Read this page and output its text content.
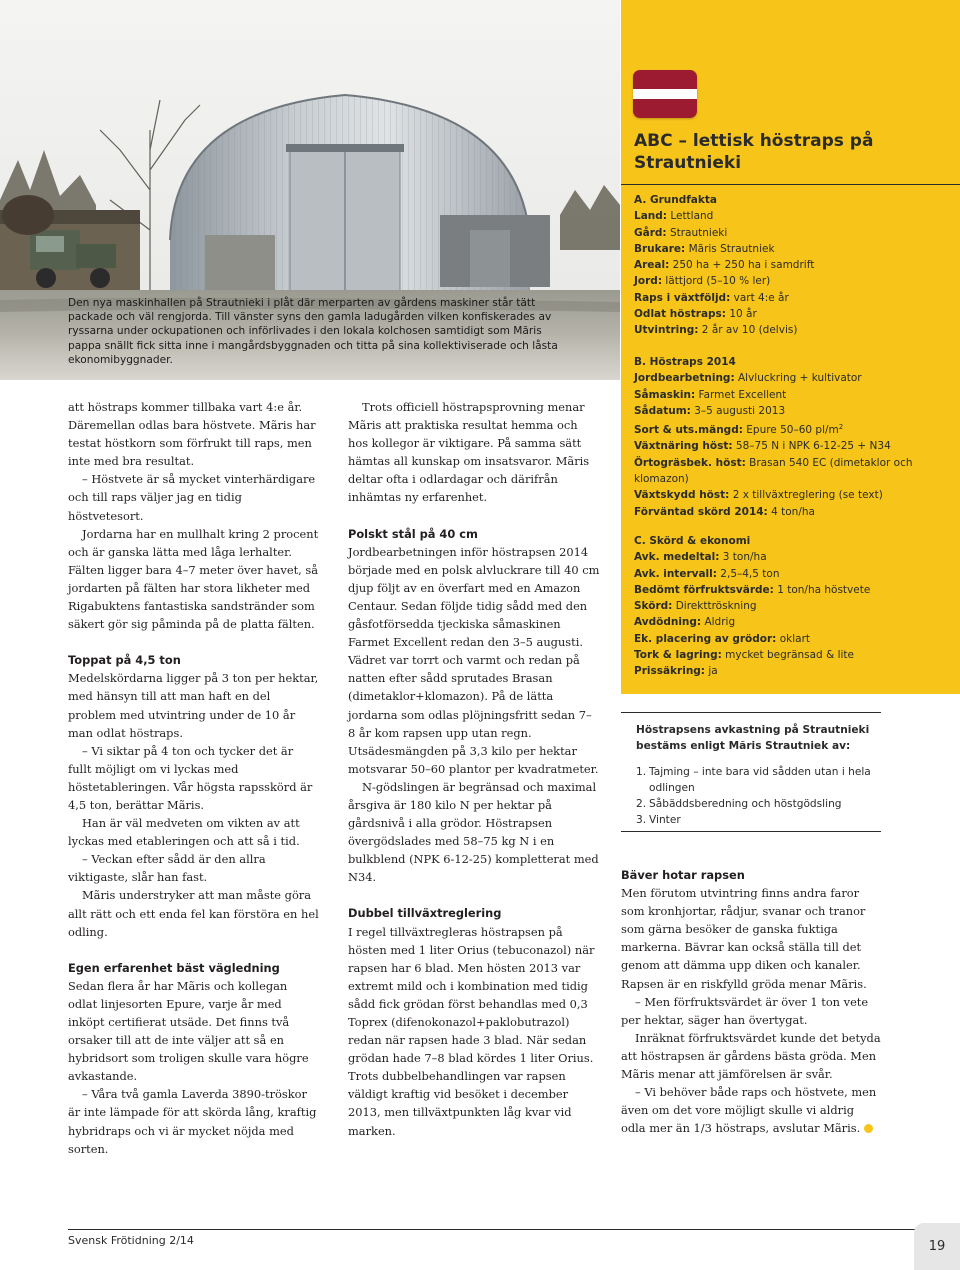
Den nya maskinhallen på Strautnieki i plåt där merparten av gårdens maskiner står tätt packade och väl rengjorda. Till vänster syns den gamla ladugården vilken konfiskerades av ryssarna under ockupationen och införlivades i den lokala kolchosen samtidigt som Mãris pappa snällt fick sitta inne i mangårdsbyggnaden och titta på sina kollektiviserade och låsta ekonomibyggnader.

att höstraps kommer tillbaka vart 4:e år. Däremellan odlas bara höstvete. Mãris har testat höstkorn som förfrukt till raps, men inte med bra resultat.

– Höstvete är så mycket vinterhärdigare och till raps väljer jag en tidig höstvetesort.

Jordarna har en mullhalt kring 2 procent och är ganska lätta med låga lerhalter. Fälten ligger bara 4–7 meter över havet, så jordarten på fälten har stora likheter med Rigabuktens fantastiska sandstränder som säkert gör sig påminda på de platta fälten.

Toppat på 4,5 ton

Medelskördarna ligger på 3 ton per hektar, med hänsyn till att man haft en del problem med utvintring under de 10 år man odlat höstraps.

– Vi siktar på 4 ton och tycker det är fullt möjligt om vi lyckas med höstetableringen. Vår högsta rapsskörd är 4,5 ton, berättar Mãris.

Han är väl medveten om vikten av att lyckas med etableringen och att så i tid.

– Veckan efter sådd är den allra viktigaste, slår han fast.

Mãris understryker att man måste göra allt rätt och ett enda fel kan förstöra en hel odling.

Egen erfarenhet bäst vägledning

Sedan flera år har Mãris och kollegan odlat linjesorten Epure, varje år med inköpt certifierat utsäde. Det finns två orsaker till att de inte väljer att så en hybridsort som troligen skulle vara högre avkastande.

– Våra två gamla Laverda 3890-tröskor är inte lämpade för att skörda lång, kraftig hybridraps och vi är mycket nöjda med sorten.

Trots officiell höstrapsprovning menar Mãris att praktiska resultat hemma och hos kollegor är viktigare. På samma sätt hämtas all kunskap om insatsvaror. Mãris deltar ofta i odlardagar och därifrån inhämtas ny erfarenhet.

Polskt stål på 40 cm

Jordbearbetningen inför höstrapsen 2014 började med en polsk alvluckrare till 40 cm djup följt av en överfart med en Amazon Centaur. Sedan följde tidig sådd med den gåsfotförsedda tjeckiska såmaskinen Farmet Excellent redan den 3–5 augusti. Vädret var torrt och varmt och redan på natten efter sådd sprutades Brasan (dimetaklor+klomazon). På de lätta jordarna som odlas plöjningsfritt sedan 7– 8 år kom rapsen upp utan regn. Utsädesmängden på 3,3 kilo per hektar motsvarar 50–60 plantor per kvadratmeter.

N-gödslingen är begränsad och maximal årsgiva är 180 kilo N per hektar på gårdsnivå i alla grödor. Höstrapsen övergödslades med 58–75 kg N i en bulkblend (NPK 6-12-25) kompletterat med N34.

Dubbel tillväxtreglering

I regel tillväxtregleras höstrapsen på hösten med 1 liter Orius (tebuconazol) när rapsen har 6 blad. Men hösten 2013 var extremt mild och i kombination med tidig sådd fick grödan först behandlas med 0,3 Toprex (difenokonazol+paklobutrazol) redan när rapsen hade 3 blad. När sedan grödan hade 7–8 blad kördes 1 liter Orius. Trots dubbelbehandlingen var rapsen väldigt kraftig vid besöket i december 2013, men tillväxtpunkten låg kvar vid marken.

ABC – lettisk höstraps på Strautnieki
A. Grundfakta
Land: Lettland
Gård: Strautnieki
Brukare: Mãris Strautniek
Areal: 250 ha + 250 ha i samdrift
Jord: lättjord (5–10 % ler)
Raps i växtföljd: vart 4:e år
Odlat höstraps: 10 år
Utvintring: 2 år av 10 (delvis)
B. Höstraps 2014
Jordbearbetning: Alvluckring + kultivator
Såmaskin: Farmet Excellent
Sådatum: 3–5 augusti 2013
Sort & uts.mängd: Epure 50–60 $pl/m^2$
Växtnäring höst: 58–75 N i NPK 6-12-25 + N34
Örtogräsbek. höst: Brasan 540 EC (dimetaklor och klomazon)
Växtskydd höst: 2 x tillväxtreglering (se text)
Förväntad skörd 2014: 4 ton/ha
C. Skörd & ekonomi
Avk. medeltal: 3 ton/ha
Avk. intervall: 2,5–4,5 ton
Bedömt förfruktsvärde: 1 ton/ha höstvete
Skörd: Direkttröskning
Avdödning: Aldrig
Ek. placering av grödor: oklart
Tork & lagring: mycket begränsad & lite
Prissäkring: ja
Höstrapsens avkastning på Strautnieki bestäms enligt Mãris Strautniek av:
1. Tajming – inte bara vid sådden utan i hela odlingen
2. Såbäddsberedning och höstgödsling
3. Vinter
Bäver hotar rapsen

Men förutom utvintring finns andra faror som kronhjortar, rådjur, svanar och tranor som gärna besöker de ganska fuktiga markerna. Bävrar kan också ställa till det genom att dämma upp diken och kanaler. Rapsen är en riskfylld gröda menar Mãris.

– Men förfruktsvärdet är över 1 ton vete per hektar, säger han övertygat.

Inräknat förfruktsvärdet kunde det betyda att höstrapsen är gårdens bästa gröda. Men Mãris menar att jämförelsen är svår.

– Vi behöver både raps och höstvete, men även om det vore möjligt skulle vi aldrig odla mer än 1/3 höstraps, avslutar Mãris.

Svensk Frötidning 2/14	19
